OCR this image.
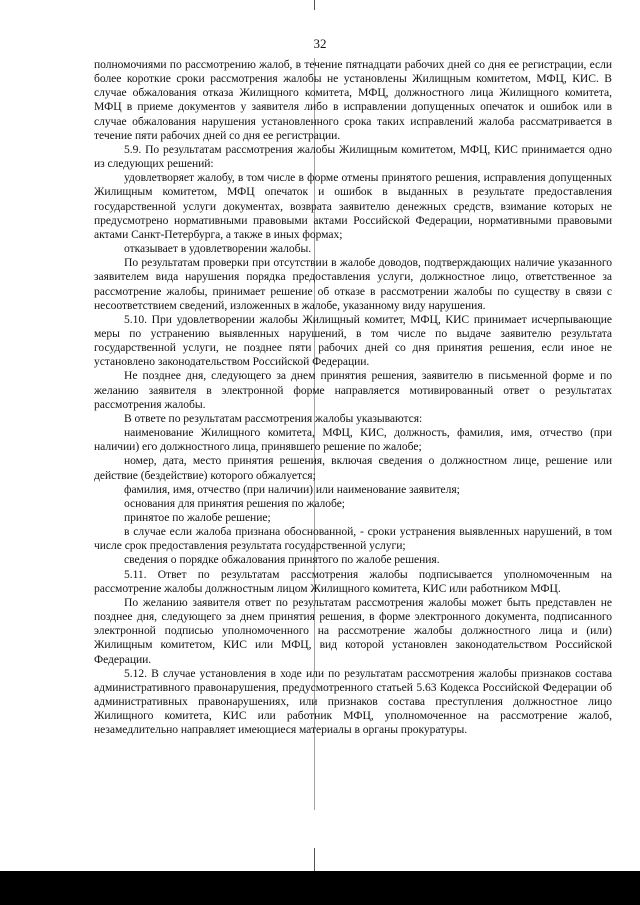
32

полномочиями по рассмотрению жалоб, в течение пятнадцати рабочих дней со дня ее регистрации, если более короткие сроки рассмотрения жалобы не установлены Жилищным комитетом, МФЦ, КИС. В случае обжалования отказа Жилищного комитета, МФЦ, должностного лица Жилищного комитета, МФЦ в приеме документов у заявителя либо в исправлении допущенных опечаток и ошибок или в случае обжалования нарушения установленного срока таких исправлений жалоба рассматривается в течение пяти рабочих дней со дня ее регистрации.

5.9. По результатам рассмотрения жалобы Жилищным комитетом, МФЦ, КИС принимается одно из следующих решений:

удовлетворяет жалобу, в том числе в форме отмены принятого решения, исправления допущенных Жилищным комитетом, МФЦ опечаток и ошибок в выданных в результате предоставления государственной услуги документах, возврата заявителю денежных средств, взимание которых не предусмотрено нормативными правовыми актами Российской Федерации, нормативными правовыми актами Санкт-Петербурга, а также в иных формах;

отказывает в удовлетворении жалобы.

По результатам проверки при отсутствии в жалобе доводов, подтверждающих наличие указанного заявителем вида нарушения порядка предоставления услуги, должностное лицо, ответственное за рассмотрение жалобы, принимает решение об отказе в рассмотрении жалобы по существу в связи с несоответствием сведений, изложенных в жалобе, указанному виду нарушения.

5.10. При удовлетворении жалобы Жилищный комитет, МФЦ, КИС принимает исчерпывающие меры по устранению выявленных нарушений, в том числе по выдаче заявителю результата государственной услуги, не позднее пяти рабочих дней со дня принятия решения, если иное не установлено законодательством Российской Федерации.

Не позднее дня, следующего за днем принятия решения, заявителю в письменной форме и по желанию заявителя в электронной форме направляется мотивированный ответ о результатах рассмотрения жалобы.

В ответе по результатам рассмотрения жалобы указываются:

наименование Жилищного комитета, МФЦ, КИС, должность, фамилия, имя, отчество (при наличии) его должностного лица, принявшего решение по жалобе;

номер, дата, место принятия решения, включая сведения о должностном лице, решение или действие (бездействие) которого обжалуется;

фамилия, имя, отчество (при наличии) или наименование заявителя;

основания для принятия решения по жалобе;

принятое по жалобе решение;

в случае если жалоба признана обоснованной, - сроки устранения выявленных нарушений, в том числе срок предоставления результата государственной услуги;

сведения о порядке обжалования принятого по жалобе решения.

5.11. Ответ по результатам рассмотрения жалобы подписывается уполномоченным на рассмотрение жалобы должностным лицом Жилищного комитета, КИС или работником МФЦ.

По желанию заявителя ответ по результатам рассмотрения жалобы может быть представлен не позднее дня, следующего за днем принятия решения, в форме электронного документа, подписанного электронной подписью уполномоченного на рассмотрение жалобы должностного лица и (или) Жилищным комитетом, КИС или МФЦ, вид которой установлен законодательством Российской Федерации.

5.12. В случае установления в ходе или по результатам рассмотрения жалобы признаков состава административного правонарушения, предусмотренного статьей 5.63 Кодекса Российской Федерации об административных правонарушениях, или признаков состава преступления должностное лицо Жилищного комитета, КИС или работник МФЦ, уполномоченное на рассмотрение жалоб, незамедлительно направляет имеющиеся материалы в органы прокуратуры.
